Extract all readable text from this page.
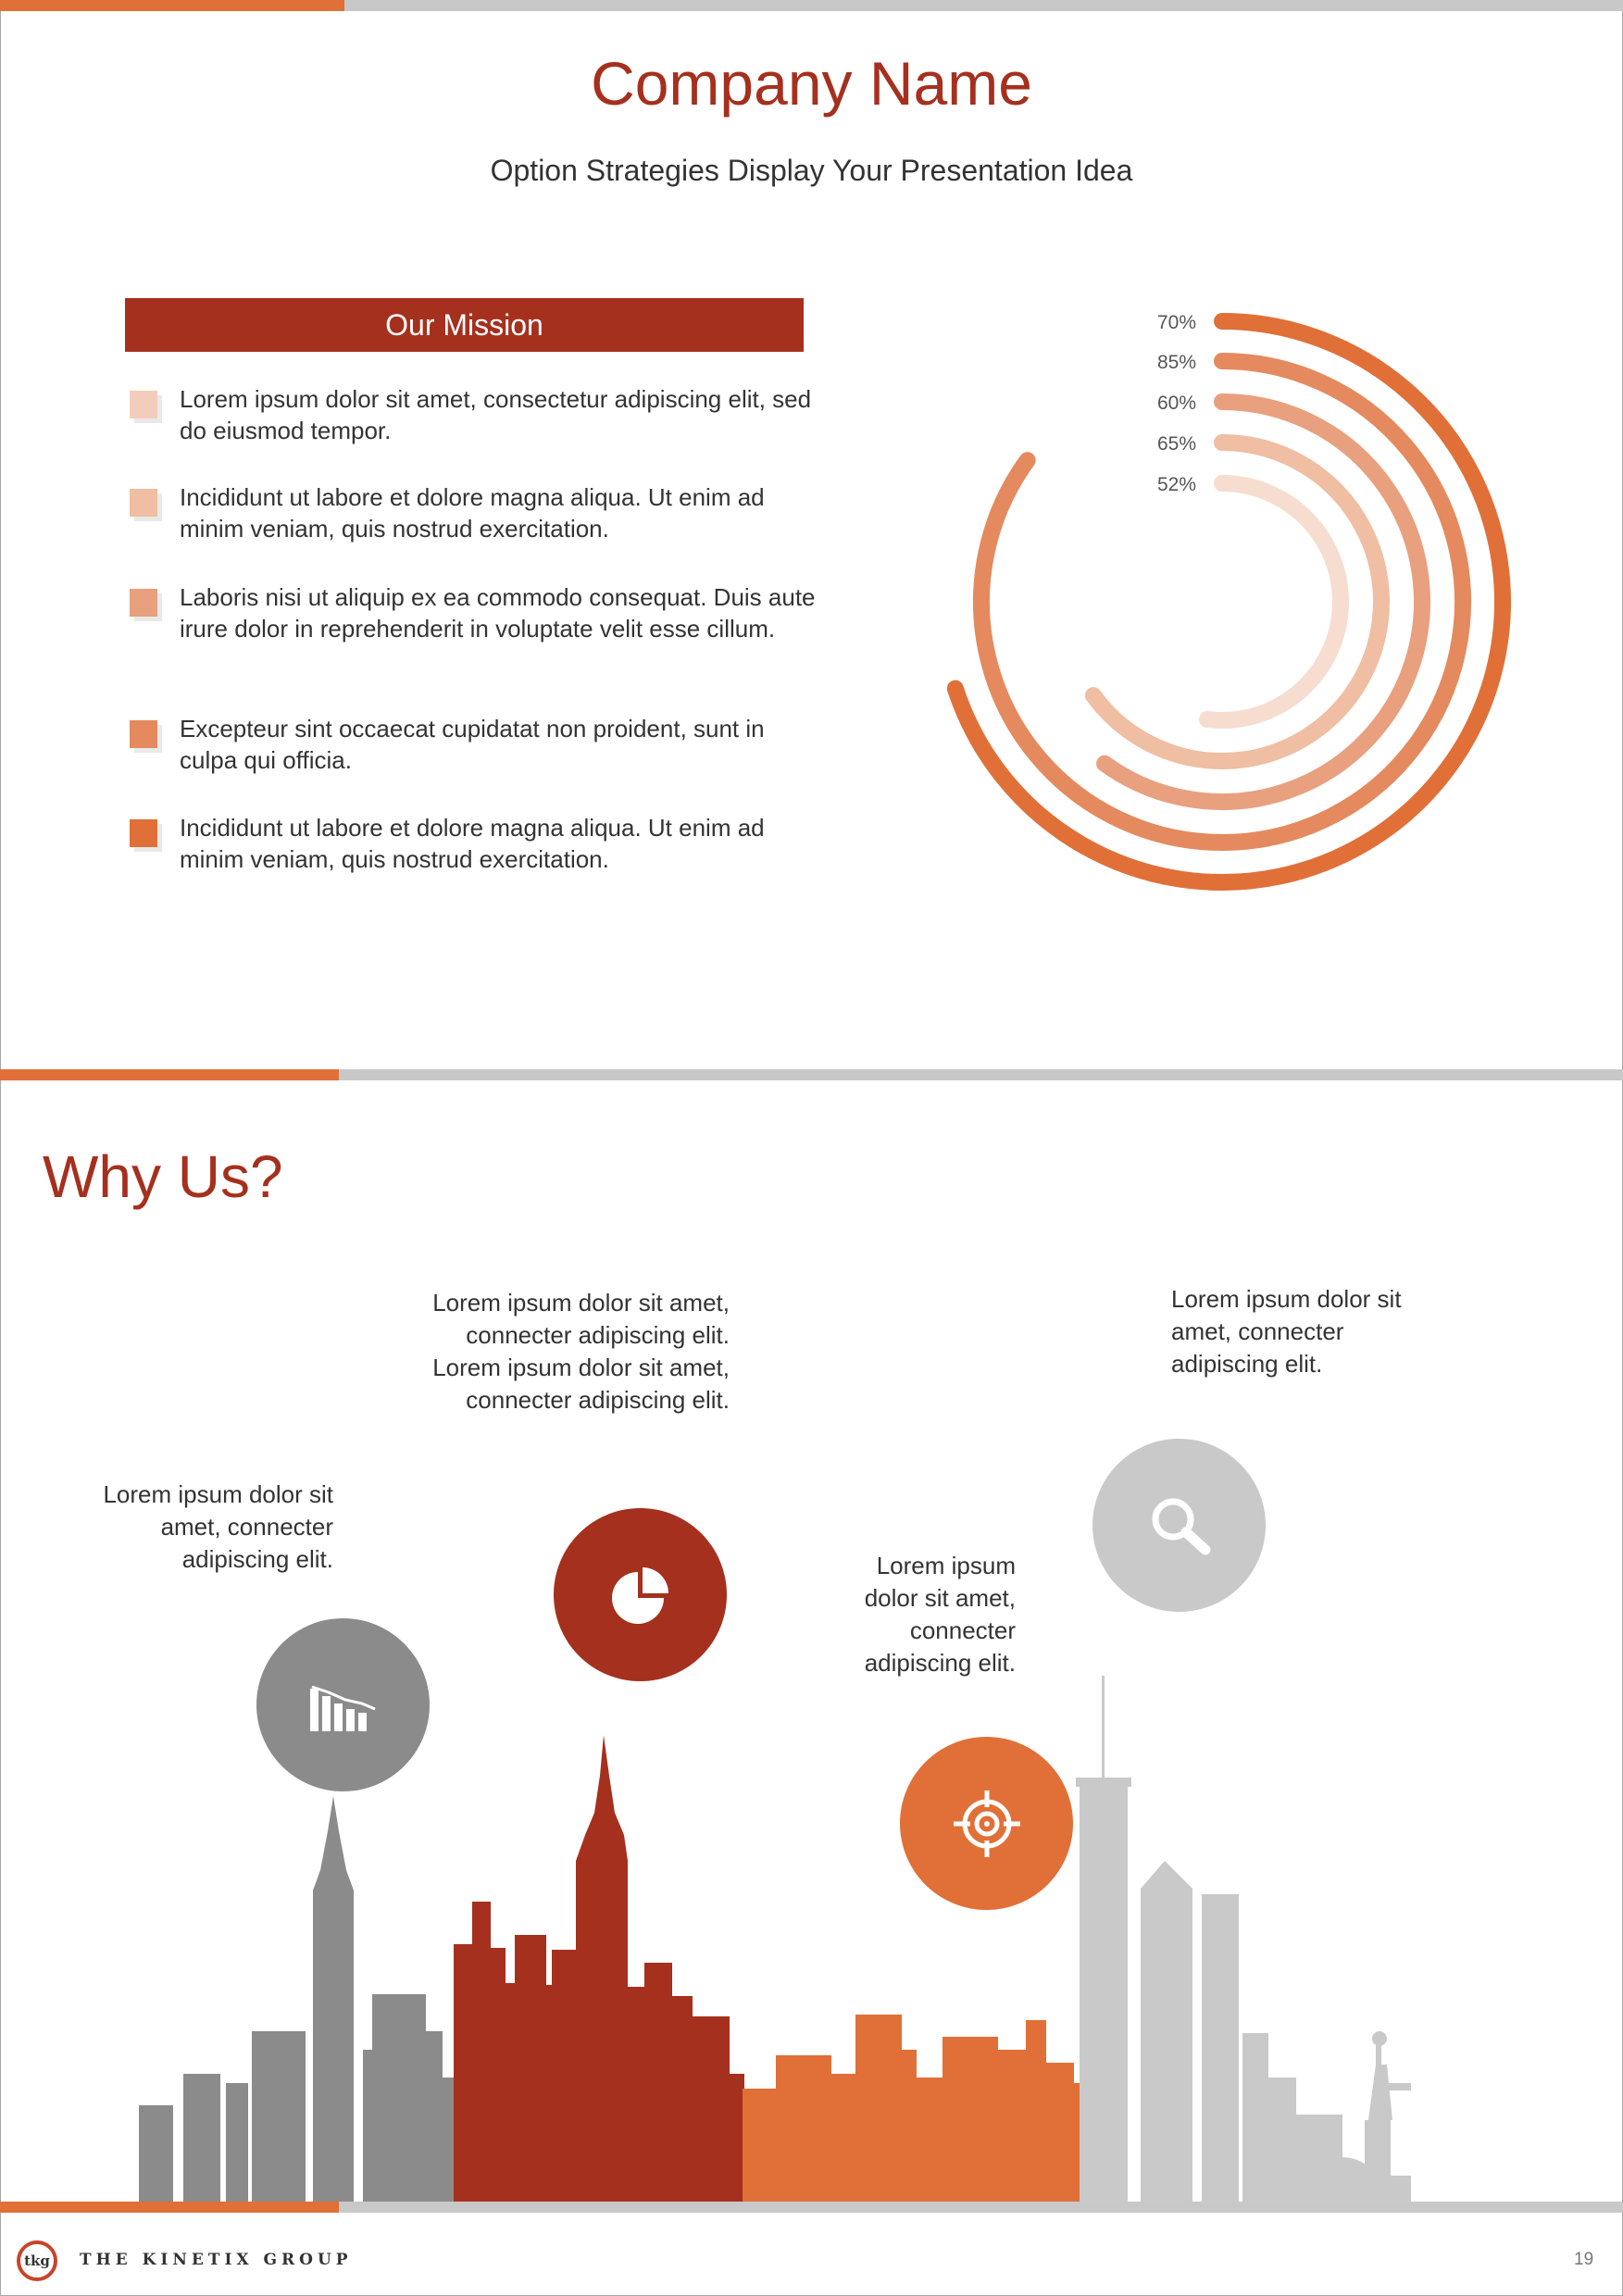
Company Name
Option Strategies Display Your Presentation Idea
Our Mission
Lorem ipsum dolor sit amet, consectetur adipiscing elit, sed do eiusmod tempor.
Incididunt ut labore et dolore magna aliqua. Ut enim ad minim veniam, quis nostrud exercitation.
Laboris nisi ut aliquip ex ea commodo consequat. Duis aute irure dolor in reprehenderit in voluptate velit esse cillum.
Excepteur sint occaecat cupidatat non proident, sunt in culpa qui officia.
Incididunt ut labore et dolore magna aliqua. Ut enim ad minim veniam, quis nostrud exercitation.
70%
85%
60%
65%
52%
Why Us?
Lorem ipsum dolor sit amet, connecter adipiscing elit.
Lorem ipsum dolor sit amet, connecter adipiscing elit. Lorem ipsum dolor sit amet, connecter adipiscing elit.
Lorem ipsum dolor sit amet, connecter adipiscing elit.
Lorem ipsum dolor sit amet, connecter adipiscing elit.
tkg THE KINETIX GROUP	19
